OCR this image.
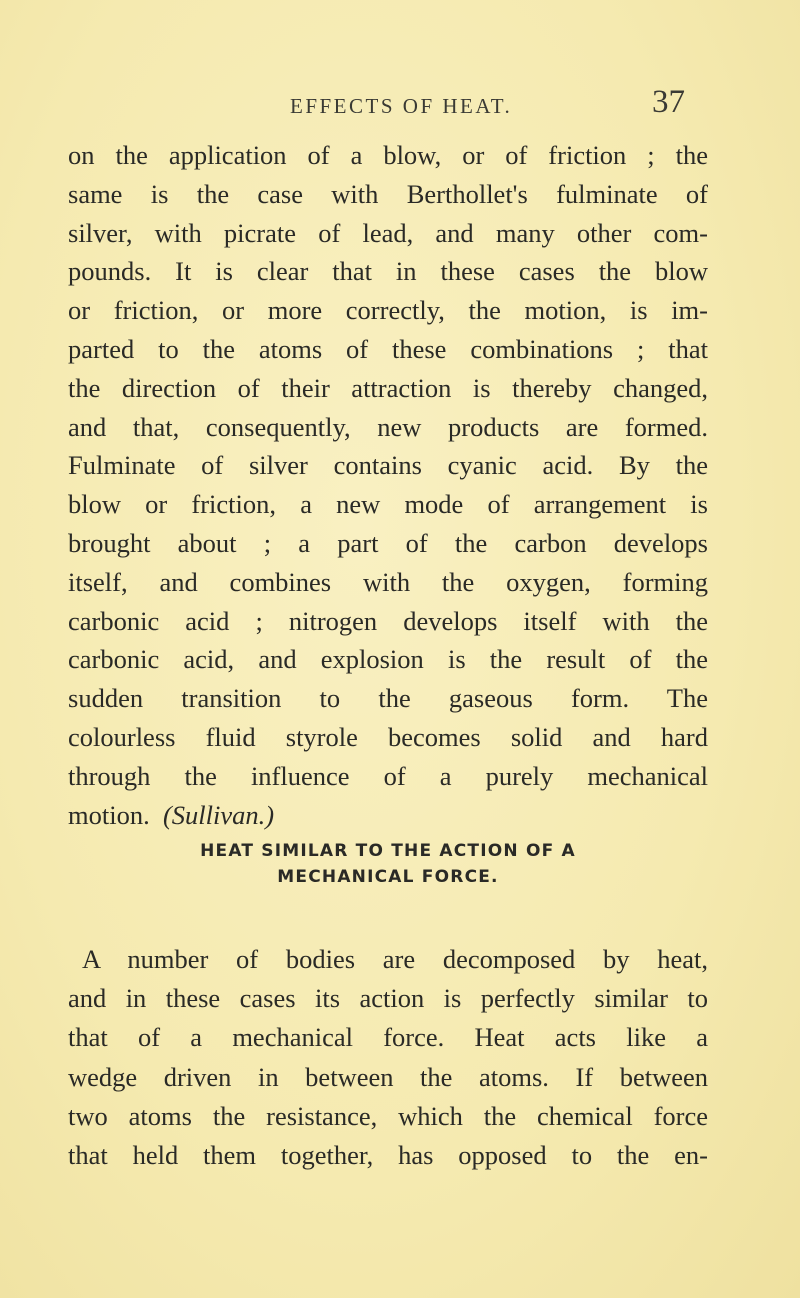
EFFECTS OF HEAT.	37
on the application of a blow, or of friction ; the
same is the case with Berthollet's fulminate of
silver, with picrate of lead, and many other com-
pounds. It is clear that in these cases the blow
or friction, or more correctly, the motion, is im-
parted to the atoms of these combinations ; that
the direction of their attraction is thereby changed,
and that, consequently, new products are formed.
Fulminate of silver contains cyanic acid. By the
blow or friction, a new mode of arrangement is
brought about ; a part of the carbon develops
itself, and combines with the oxygen, forming
carbonic acid ; nitrogen develops itself with the
carbonic acid, and explosion is the result of the
sudden transition to the gaseous form. The
colourless fluid styrole becomes solid and hard
through the influence of a purely mechanical
motion. (Sullivan.)
HEAT SIMILAR TO THE ACTION OF A
MECHANICAL FORCE.
A number of bodies are decomposed by heat,
and in these cases its action is perfectly similar to
that of a mechanical force. Heat acts like a
wedge driven in between the atoms. If between
two atoms the resistance, which the chemical force
that held them together, has opposed to the en-
